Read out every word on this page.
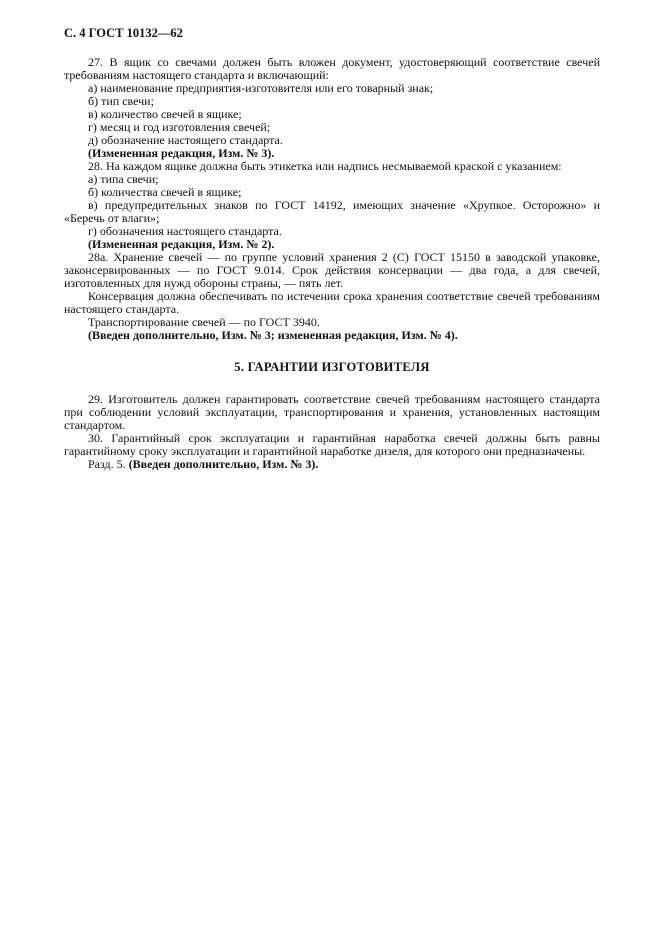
С. 4 ГОСТ 10132—62

27. В ящик со свечами должен быть вложен документ, удостоверяющий соответствие свечей требованиям настоящего стандарта и включающий:

а) наименование предприятия-изготовителя или его товарный знак;

б) тип свечи;

в) количество свечей в ящике;

г) месяц и год изготовления свечей;

д) обозначение настоящего стандарта.

(Измененная редакция, Изм. № 3).

28. На каждом ящике должна быть этикетка или надпись несмываемой краской с указанием:

а) типа свечи;

б) количества свечей в ящике;

в) предупредительных знаков по ГОСТ 14192, имеющих значение «Хрупкое. Осторожно» и «Беречь от влаги»;

г) обозначения настоящего стандарта.

(Измененная редакция, Изм. № 2).

28а. Хранение свечей — по группе условий хранения 2 (С) ГОСТ 15150 в заводской упаковке, законсервированных — по ГОСТ 9.014. Срок действия консервации — два года, а для свечей, изготовленных для нужд обороны страны, — пять лет.

Консервация должна обеспечивать по истечении срока хранения соответствие свечей требованиям настоящего стандарта.

Транспортирование свечей — по ГОСТ 3940.

(Введен дополнительно, Изм. № 3; измененная редакция, Изм. № 4).

5. ГАРАНТИИ ИЗГОТОВИТЕЛЯ

29. Изготовитель должен гарантировать соответствие свечей требованиям настоящего стандарта при соблюдении условий эксплуатации, транспортирования и хранения, установленных настоящим стандартом.

30. Гарантийный срок эксплуатации и гарантийная наработка свечей должны быть равны гарантийному сроку эксплуатации и гарантийной наработке дизеля, для которого они предназначены.

Разд. 5. (Введен дополнительно, Изм. № 3).
